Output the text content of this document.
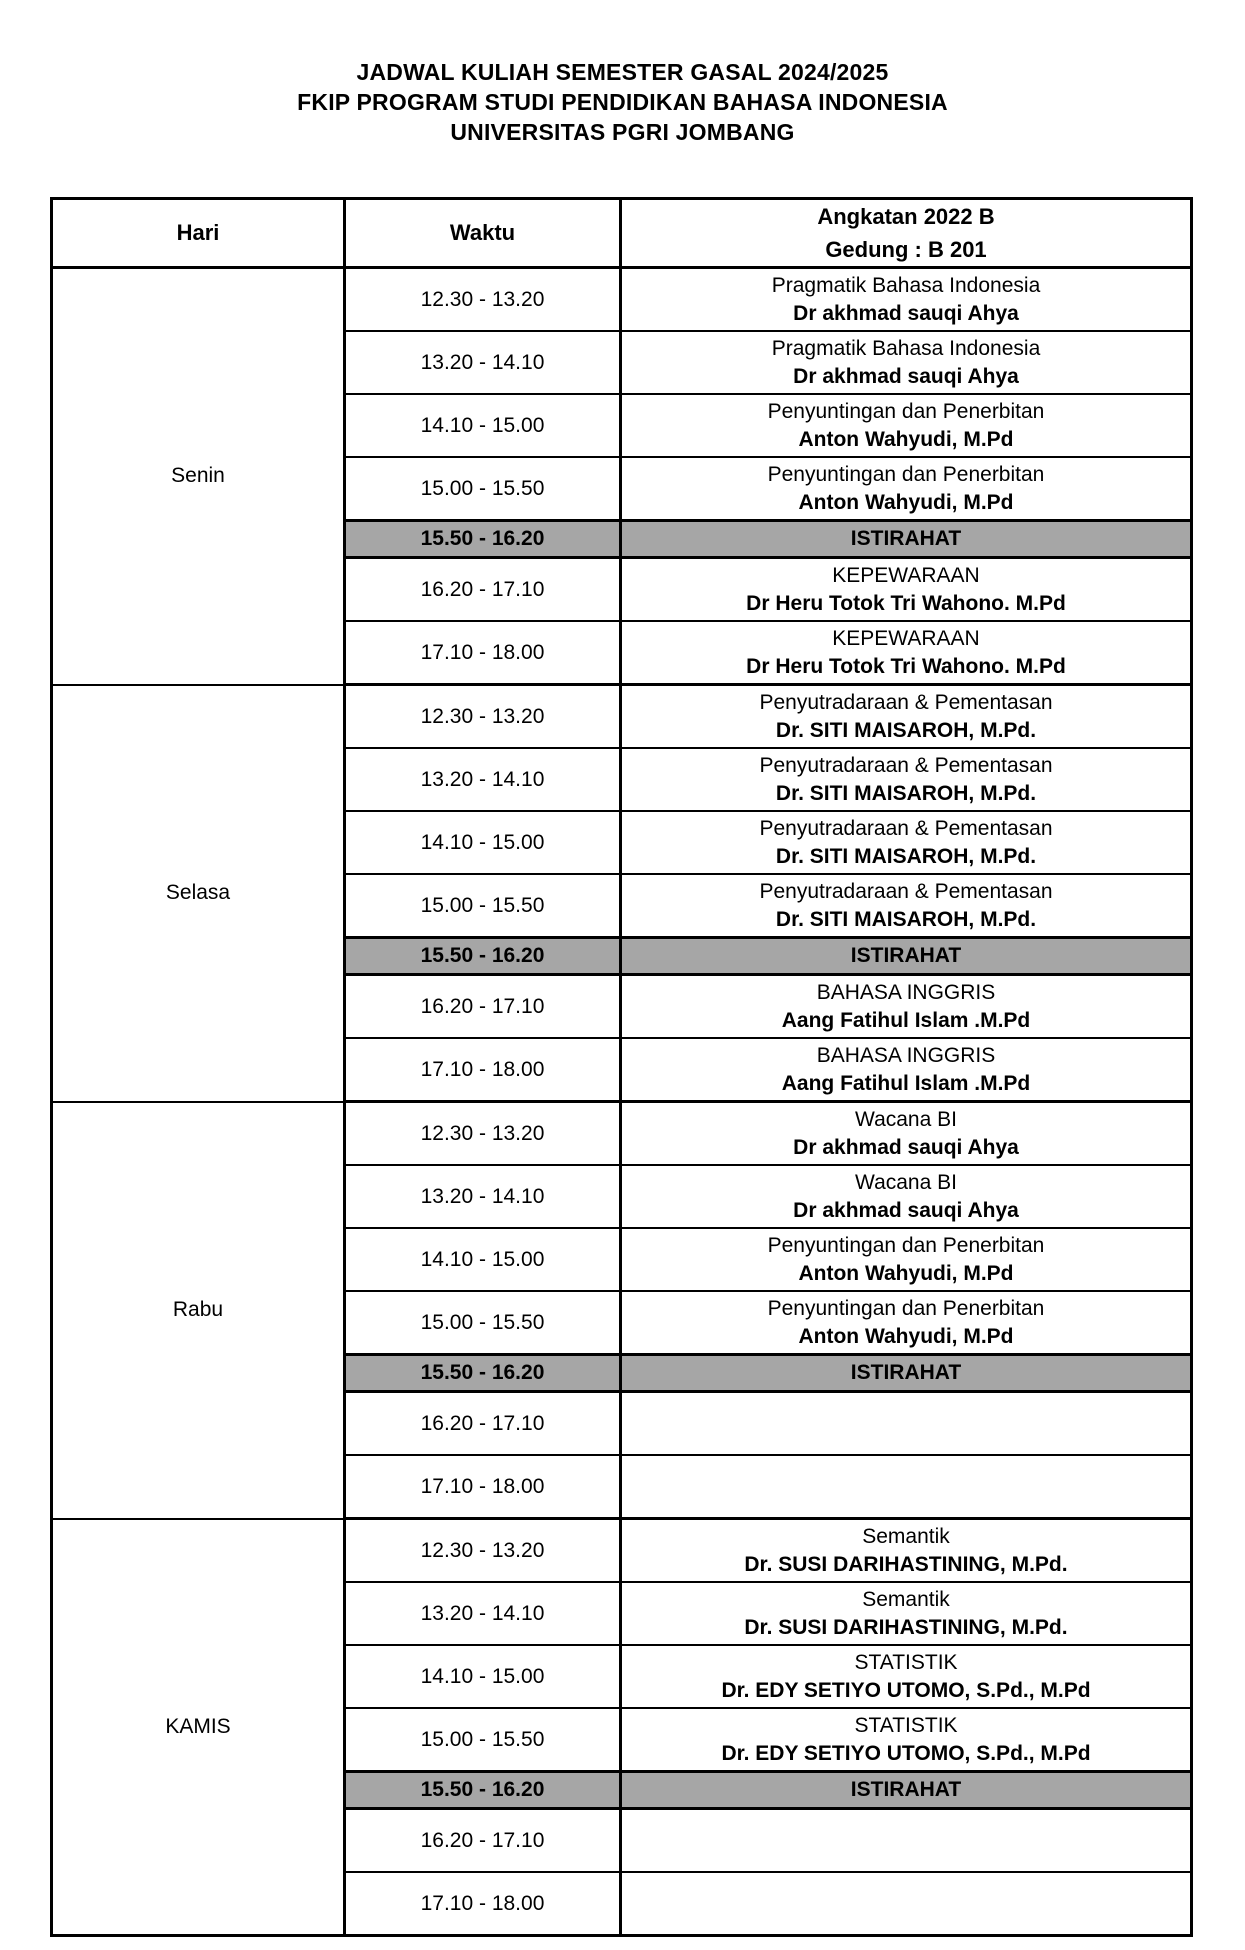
JADWAL KULIAH SEMESTER GASAL 2024/2025
FKIP PROGRAM STUDI PENDIDIKAN BAHASA INDONESIA
UNIVERSITAS PGRI JOMBANG
Hari	Waktu	Angkatan 2022 B
Gedung : B 201

Senin	12.30 - 13.20	Pragmatik Bahasa Indonesia
Dr akhmad sauqi Ahya

	13.20 - 14.10	Pragmatik Bahasa Indonesia
Dr akhmad sauqi Ahya

	14.10 - 15.00	Penyuntingan dan Penerbitan
Anton Wahyudi, M.Pd

	15.00 - 15.50	Penyuntingan dan Penerbitan
Anton Wahyudi, M.Pd

	15.50 - 16.20	ISTIRAHAT
	16.20 - 17.10	KEPEWARAAN
Dr Heru Totok Tri Wahono. M.Pd

	17.10 - 18.00	KEPEWARAAN
Dr Heru Totok Tri Wahono. M.Pd

Selasa	12.30 - 13.20	Penyutradaraan & Pementasan
Dr. SITI MAISAROH, M.Pd.

	13.20 - 14.10	Penyutradaraan & Pementasan
Dr. SITI MAISAROH, M.Pd.

	14.10 - 15.00	Penyutradaraan & Pementasan
Dr. SITI MAISAROH, M.Pd.

	15.00 - 15.50	Penyutradaraan & Pementasan
Dr. SITI MAISAROH, M.Pd.

	15.50 - 16.20	ISTIRAHAT
	16.20 - 17.10	BAHASA INGGRIS
Aang Fatihul Islam .M.Pd

	17.10 - 18.00	BAHASA INGGRIS
Aang Fatihul Islam .M.Pd

Rabu	12.30 - 13.20	Wacana BI
Dr akhmad sauqi Ahya

	13.20 - 14.10	Wacana BI
Dr akhmad sauqi Ahya

	14.10 - 15.00	Penyuntingan dan Penerbitan
Anton Wahyudi, M.Pd

	15.00 - 15.50	Penyuntingan dan Penerbitan
Anton Wahyudi, M.Pd

	15.50 - 16.20	ISTIRAHAT
	16.20 - 17.10	

	17.10 - 18.00	

KAMIS	12.30 - 13.20	Semantik
Dr. SUSI DARIHASTINING, M.Pd.

	13.20 - 14.10	Semantik
Dr. SUSI DARIHASTINING, M.Pd.

	14.10 - 15.00	STATISTIK
Dr. EDY SETIYO UTOMO, S.Pd., M.Pd

	15.00 - 15.50	STATISTIK
Dr. EDY SETIYO UTOMO, S.Pd., M.Pd

	15.50 - 16.20	ISTIRAHAT
	16.20 - 17.10	

	17.10 - 18.00	
